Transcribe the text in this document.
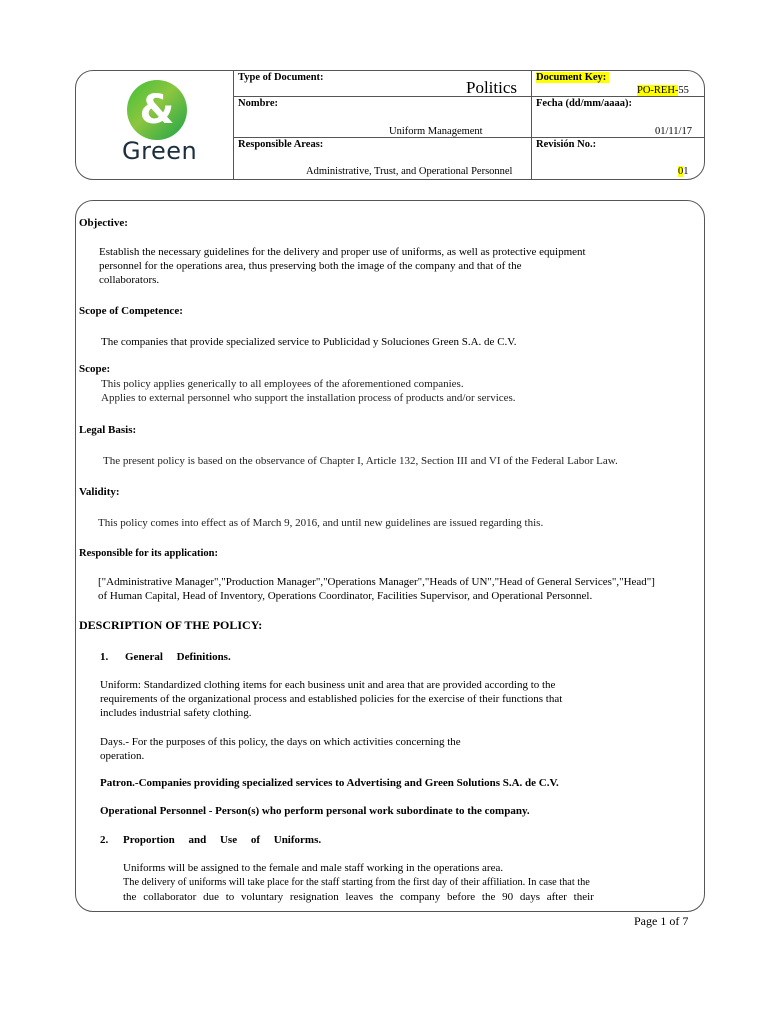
&
Green
Type of Document:
Politics
Document Key:
PO-REH-55
Nombre:
Uniform Management
Fecha (dd/mm/aaaa):
01/11/17
Responsible Areas:
Administrative, Trust, and Operational Personnel
Revisión No.:
01
Objective:
Establish the necessary guidelines for the delivery and proper use of uniforms, as well as protective equipment
personnel for the operations area, thus preserving both the image of the company and that of the
collaborators.
Scope of Competence:
The companies that provide specialized service to Publicidad y Soluciones Green S.A. de C.V.
Scope:
This policy applies generically to all employees of the aforementioned companies.
Applies to external personnel who support the installation process of products and/or services.
Legal Basis:
The present policy is based on the observance of Chapter I, Article 132, Section III and VI of the Federal Labor Law.
Validity:
This policy comes into effect as of March 9, 2016, and until new guidelines are issued regarding this.
Responsible for its application:
["Administrative Manager","Production Manager","Operations Manager","Heads of UN","Head of General Services","Head"]
of Human Capital, Head of Inventory, Operations Coordinator, Facilities Supervisor, and Operational Personnel.
DESCRIPTION OF THE POLICY:
1. General     Definitions.
Uniform: Standardized clothing items for each business unit and area that are provided according to the
requirements of the organizational process and established policies for the exercise of their functions that
includes industrial safety clothing.
Days.- For the purposes of this policy, the days on which activities concerning the
operation.
Patron.-Companies providing specialized services to Advertising and Green Solutions S.A. de C.V.
Operational Personnel - Person(s) who perform personal work subordinate to the company.
2. Proportion     and     Use     of     Uniforms.
Uniforms will be assigned to the female and male staff working in the operations area.
The delivery of uniforms will take place for the staff starting from the first day of their affiliation. In case that the
the collaborator due to voluntary resignation leaves the company before the 90 days after their
Page 1 of 7
